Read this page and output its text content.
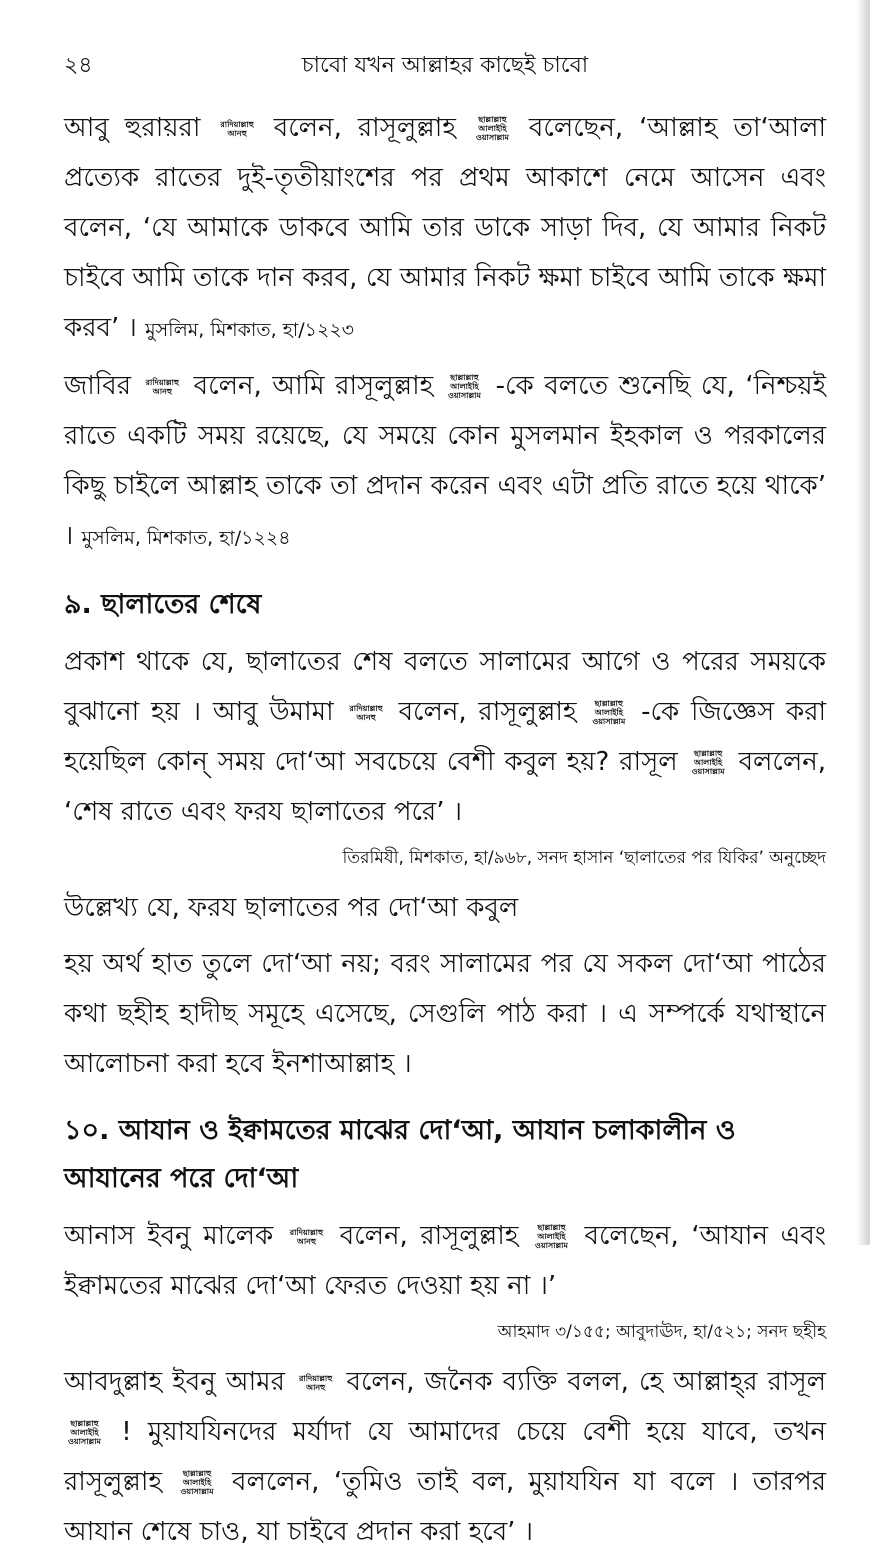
২৪	চাবো যখন আল্লাহর কাছেই চাবো

আবু হুরায়রা	রাদিয়াল্লাহু
আনহু বলেন, রাসূলুল্লাহ	ছাল্লাল্লাহু
আলাইহি
ওয়াসাল্লাম বলেছেন, ‘আল্লাহ তা‘আলা প্রত্যেক রাতের দুই-তৃতীয়াংশের পর প্রথম আকাশে নেমে আসেন এবং বলেন, ‘যে আমাকে ডাকবে আমি তার ডাকে সাড়া দিব, যে আমার নিকট চাইবে আমি তাকে দান করব, যে আমার নিকট ক্ষমা চাইবে আমি তাকে ক্ষমা করব’ । মুসলিম, মিশকাত, হা/১২২৩

জাবির রাদিয়াল্লাহু
আনহু বলেন, আমি রাসূলুল্লাহ ছাল্লাল্লাহু
আলাইহি
ওয়াসাল্লাম -কে বলতে শুনেছি যে, ‘নিশ্চয়ই রাতে একটি সময় রয়েছে, যে সময়ে কোন মুসলমান ইহকাল ও পরকালের কিছু চাইলে আল্লাহ তাকে তা প্রদান করেন এবং এটা প্রতি রাতে হয়ে থাকে’ । মুসলিম, মিশকাত, হা/১২২৪

৯. ছালাতের শেষে

প্রকাশ থাকে যে, ছালাতের শেষ বলতে সালামের আগে ও পরের সময়কে বুঝানো হয় । আবু উমামা রাদিয়াল্লাহু
আনহু বলেন, রাসূলুল্লাহ ছাল্লাল্লাহু
আলাইহি
ওয়াসাল্লাম -কে জিজ্ঞেস করা হয়েছিল কোন্ সময় দো‘আ সবচেয়ে বেশী কবুল হয়? রাসূল ছাল্লাল্লাহু
আলাইহি
ওয়াসাল্লাম বললেন, ‘শেষ রাতে এবং ফরয ছালাতের পরে’ ।

তিরমিযী, মিশকাত, হা/৯৬৮, সনদ হাসান ‘ছালাতের পর যিকির’ অনুচ্ছেদ

উল্লেখ্য যে, ফরয ছালাতের পর দো‘আ কবুল

হয় অর্থ হাত তুলে দো‘আ নয়; বরং সালামের পর যে সকল দো‘আ পাঠের কথা ছহীহ হাদীছ সমূহে এসেছে, সেগুলি পাঠ করা । এ সম্পর্কে যথাস্থানে আলোচনা করা হবে ইনশাআল্লাহ ।

১০. আযান ও ইক্বামতের মাঝের দো‘আ, আযান চলাকালীন ও আযানের পরে দো‘আ

আনাস ইবনু মালেক রাদিয়াল্লাহু
আনহু বলেন, রাসূলুল্লাহ ছাল্লাল্লাহু
আলাইহি
ওয়াসাল্লাম বলেছেন, ‘আযান এবং ইক্বামতের মাঝের দো‘আ ফেরত দেওয়া হয় না ।’

আহমাদ ৩/১৫৫; আবুদাঊদ, হা/৫২১; সনদ ছহীহ

আবদুল্লাহ ইবনু আমর রাদিয়াল্লাহু
আনহু বলেন, জনৈক ব্যক্তি বলল, হে আল্লাহ্‌র রাসূল
ছাল্লাল্লাহু
আলাইহি
ওয়াসাল্লাম ! মুয়াযযিনদের মর্যাদা যে আমাদের চেয়ে বেশী হয়ে যাবে, তখন রাসূলুল্লাহ	ছাল্লাল্লাহু
আলাইহি
ওয়াসাল্লাম বললেন, ‘তুমিও তাই বল, মুয়াযযিন যা বলে । তারপর আযান শেষে চাও, যা চাইবে প্রদান করা হবে’ ।
